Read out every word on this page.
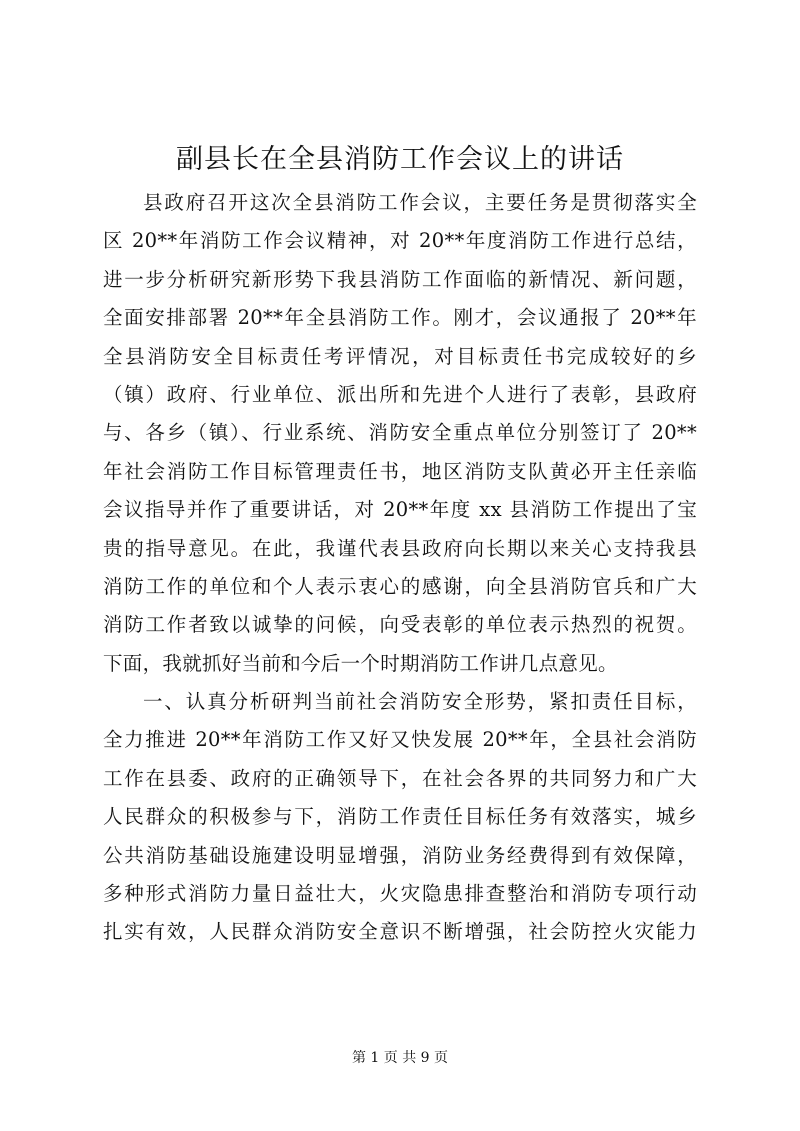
副县长在全县消防工作会议上的讲话
县政府召开这次全县消防工作会议，主要任务是贯彻落实全
区 20**年消防工作会议精神，对 20**年度消防工作进行总结，
进一步分析研究新形势下我县消防工作面临的新情况、新问题，
全面安排部署 20**年全县消防工作。刚才，会议通报了 20**年
全县消防安全目标责任考评情况，对目标责任书完成较好的乡
（镇）政府、行业单位、派出所和先进个人进行了表彰，县政府
与、各乡（镇）、行业系统、消防安全重点单位分别签订了 20**
年社会消防工作目标管理责任书，地区消防支队黄必开主任亲临
会议指导并作了重要讲话，对 20**年度 xx 县消防工作提出了宝
贵的指导意见。在此，我谨代表县政府向长期以来关心支持我县
消防工作的单位和个人表示衷心的感谢，向全县消防官兵和广大
消防工作者致以诚挚的问候，向受表彰的单位表示热烈的祝贺。
下面，我就抓好当前和今后一个时期消防工作讲几点意见。
一、认真分析研判当前社会消防安全形势，紧扣责任目标，
全力推进 20**年消防工作又好又快发展 20**年，全县社会消防
工作在县委、政府的正确领导下，在社会各界的共同努力和广大
人民群众的积极参与下，消防工作责任目标任务有效落实，城乡
公共消防基础设施建设明显增强，消防业务经费得到有效保障，
多种形式消防力量日益壮大，火灾隐患排查整治和消防专项行动
扎实有效，人民群众消防安全意识不断增强，社会防控火灾能力
第 1 页 共 9 页
